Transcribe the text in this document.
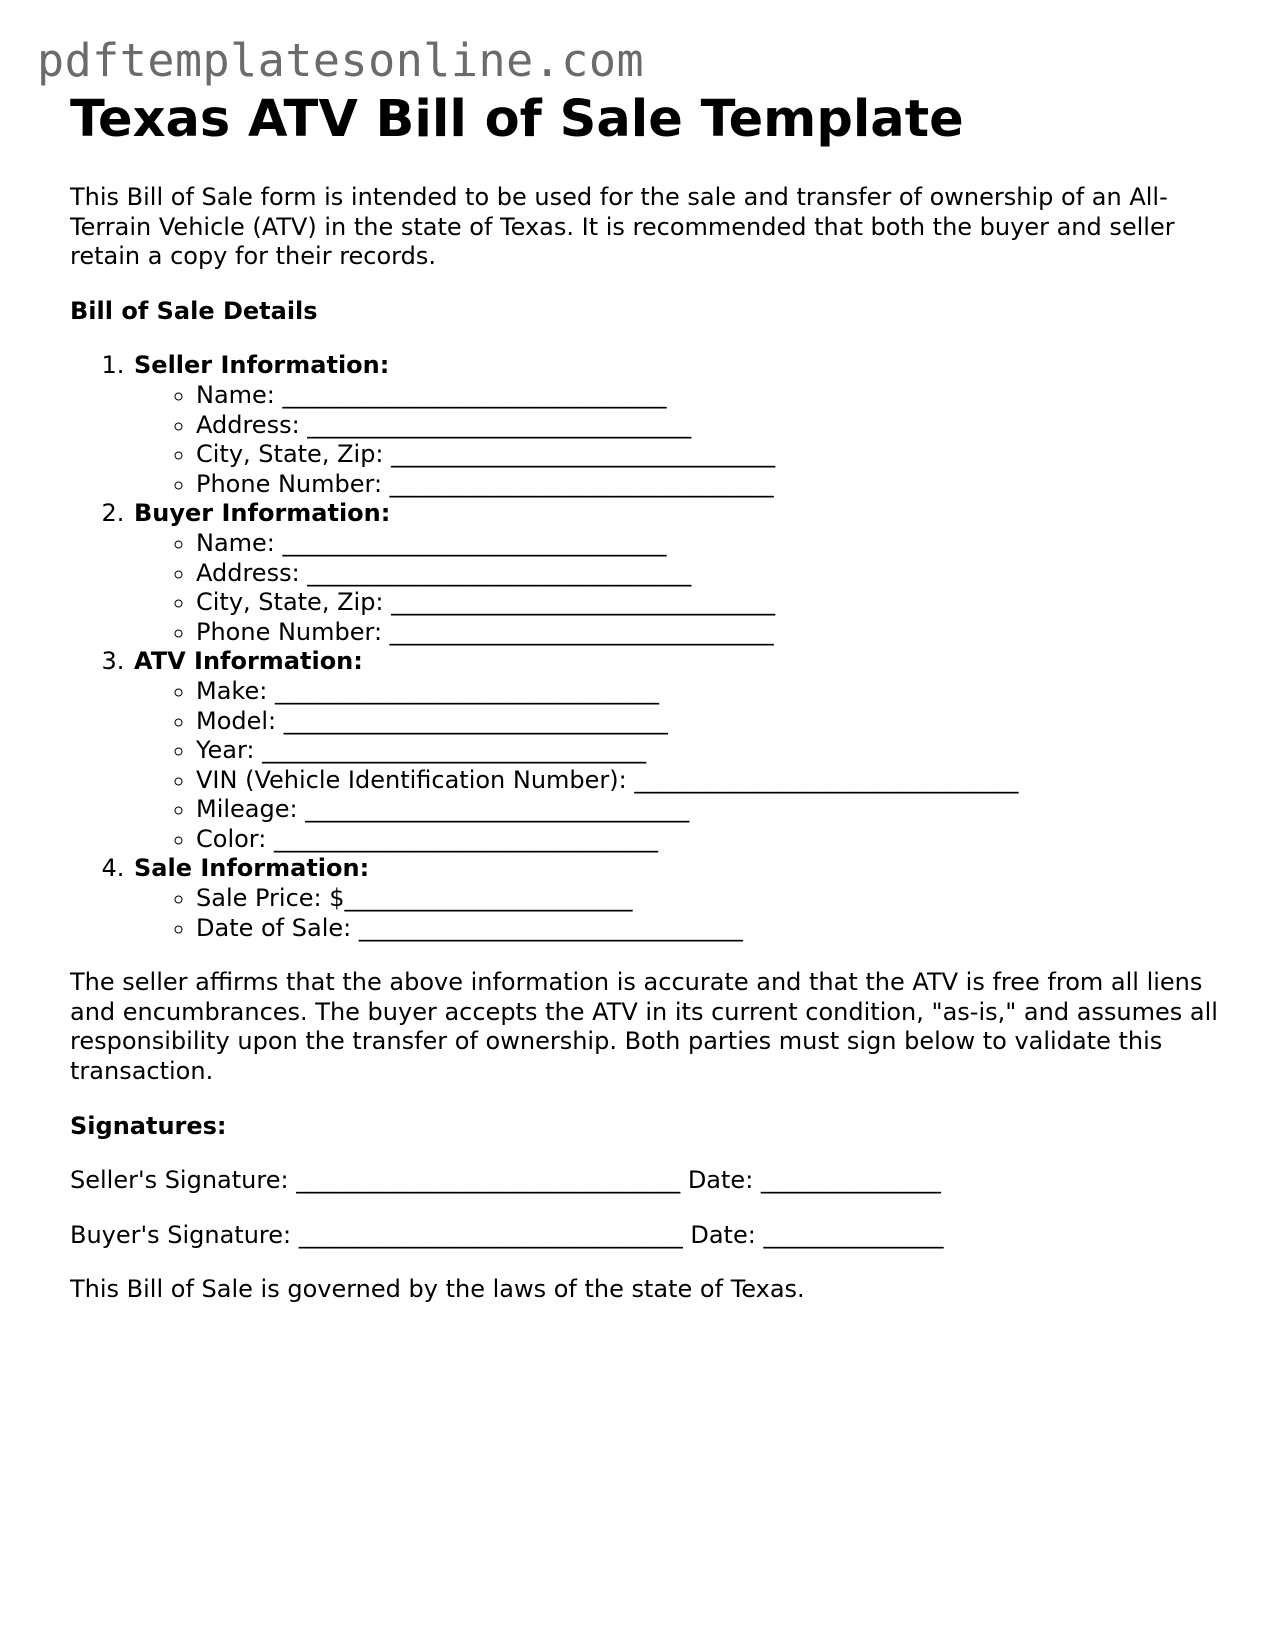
pdftemplatesonline.com
Texas ATV Bill of Sale Template

This Bill of Sale form is intended to be used for the sale and transfer of ownership of an All-Terrain Vehicle (ATV) in the state of Texas. It is recommended that both the buyer and seller retain a copy for their records.

Bill of Sale Details

1. Seller Information:
◦ Name: ________________________________
◦ Address: ________________________________
◦ City, State, Zip: ________________________________
◦ Phone Number: ________________________________
2. Buyer Information:
◦ Name: ________________________________
◦ Address: ________________________________
◦ City, State, Zip: ________________________________
◦ Phone Number: ________________________________
3. ATV Information:
◦ Make: ________________________________
◦ Model: ________________________________
◦ Year: ________________________________
◦ VIN (Vehicle Identification Number): ________________________________
◦ Mileage: ________________________________
◦ Color: ________________________________
4. Sale Information:
◦ Sale Price: $________________________
◦ Date of Sale: ________________________________

The seller affirms that the above information is accurate and that the ATV is free from all liens and encumbrances. The buyer accepts the ATV in its current condition, "as-is," and assumes all responsibility upon the transfer of ownership. Both parties must sign below to validate this transaction.

Signatures:

Seller's Signature: ________________________________ Date: _______________

Buyer's Signature: ________________________________ Date: _______________

This Bill of Sale is governed by the laws of the state of Texas.
